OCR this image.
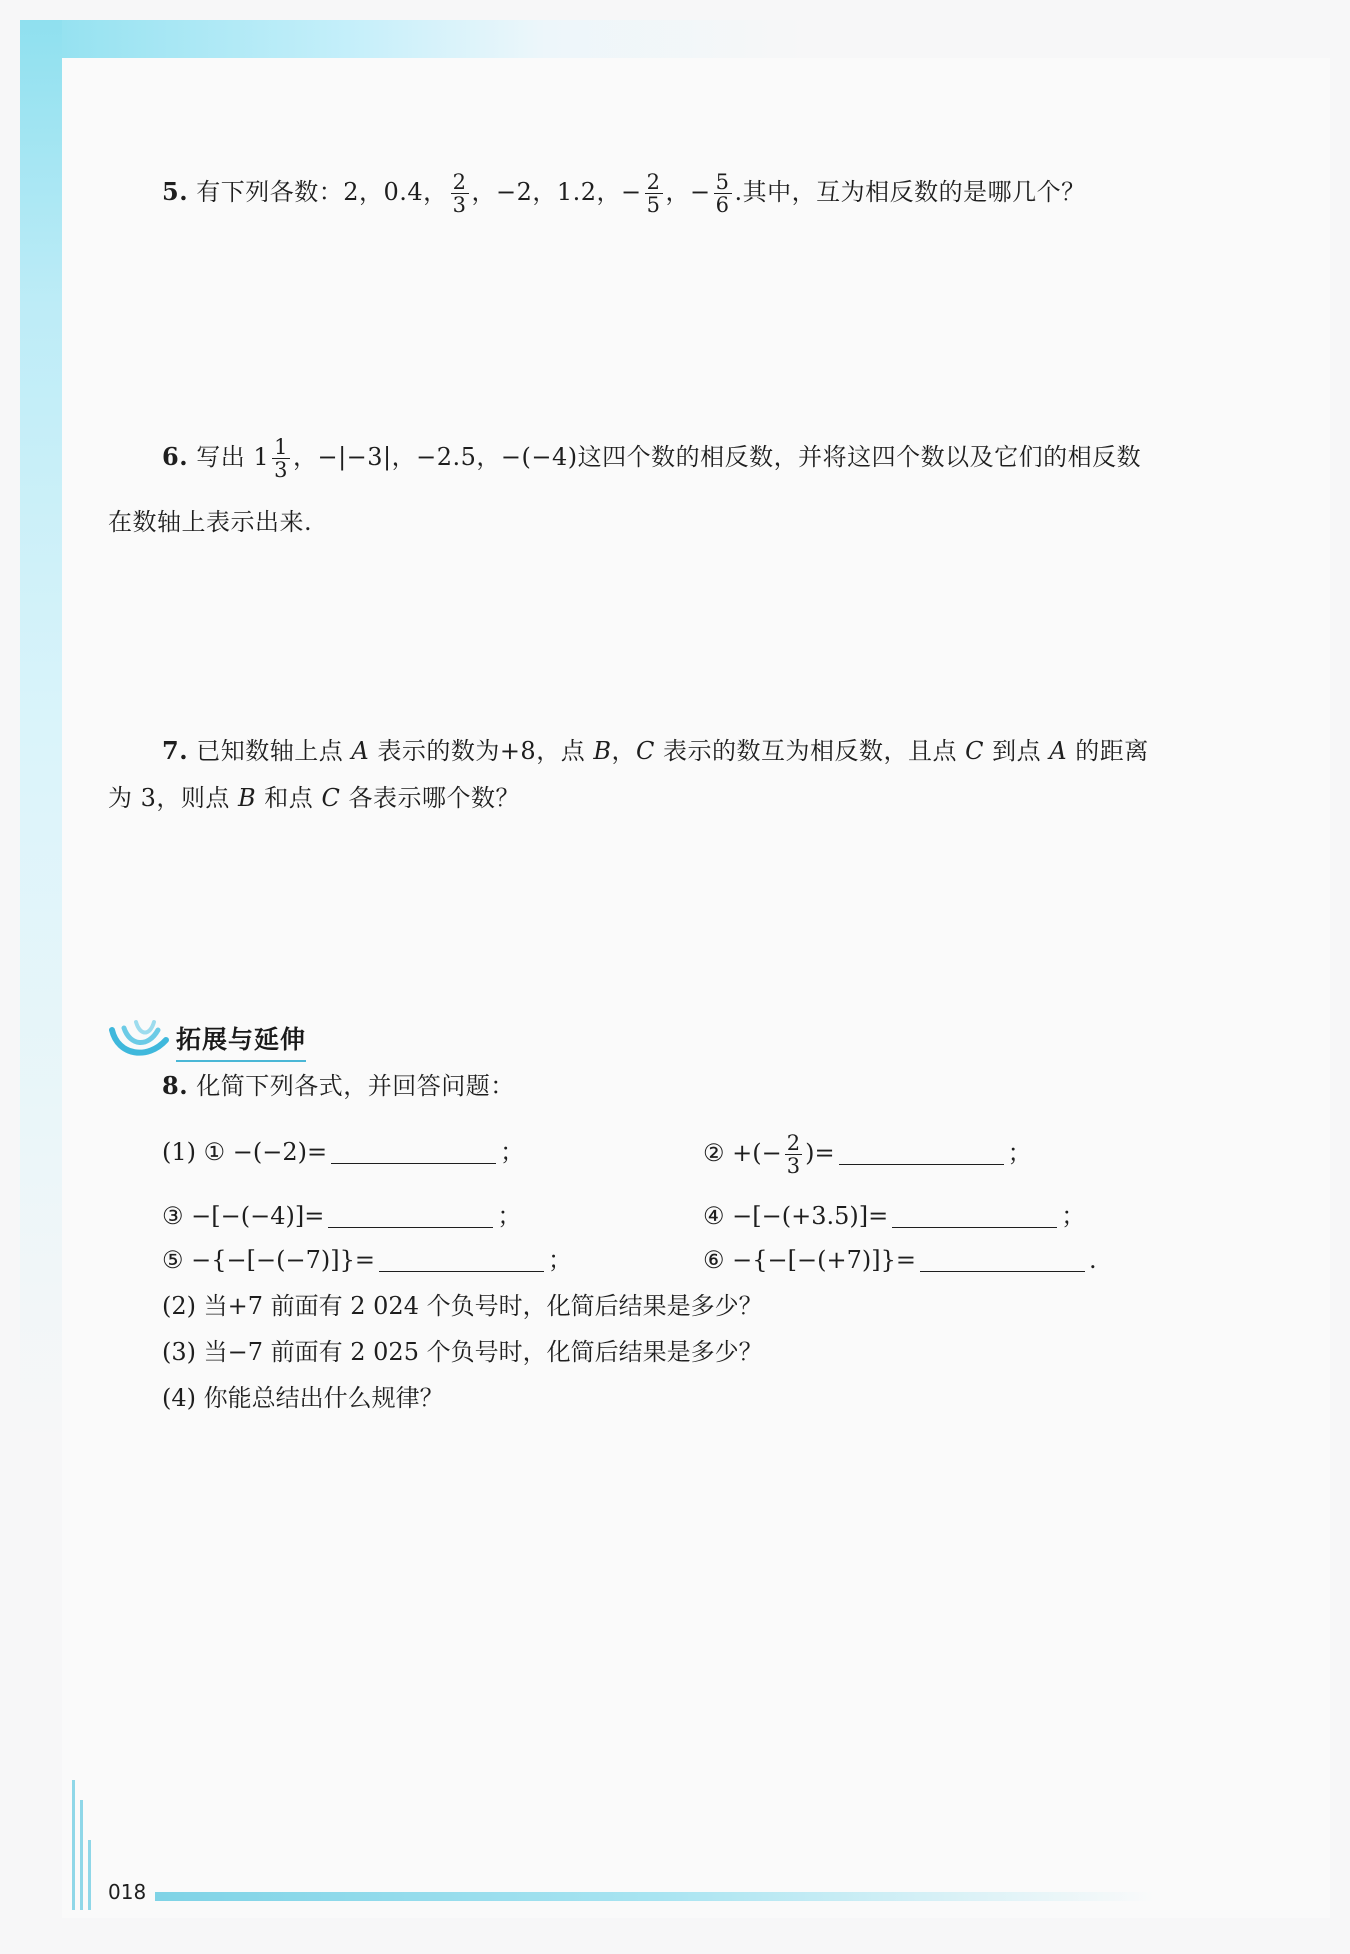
5. 有下列各数：2，0.4， $\frac{2}{3}$ ，−2，1.2，− $\frac{2}{5}$ ，− $\frac{5}{6}$ .其中，互为相反数的是哪几个？
6. 写出 $1 \frac{1}{3}$ ，−|−3|，−2.5，−(−4)这四个数的相反数，并将这四个数以及它们的相反数
在数轴上表示出来.
7. 已知数轴上点 A 表示的数为+8，点 B，C 表示的数互为相反数，且点 C 到点 A 的距离
为 3，则点 B 和点 C 各表示哪个数？
拓展与延伸
8. 化简下列各式，并回答问题：
(1) ① −(−2)=	；	② +(− $\frac{2}{3}$ )=	；
③ −[−(−4)]=	；	④ −[−(+3.5)]=	；
⑤ −{−[−(−7)]}=	；	⑥ −{−[−(+7)]}=	.
(2) 当+7 前面有 2 024 个负号时，化简后结果是多少？
(3) 当−7 前面有 2 025 个负号时，化简后结果是多少？
(4) 你能总结出什么规律？
018
